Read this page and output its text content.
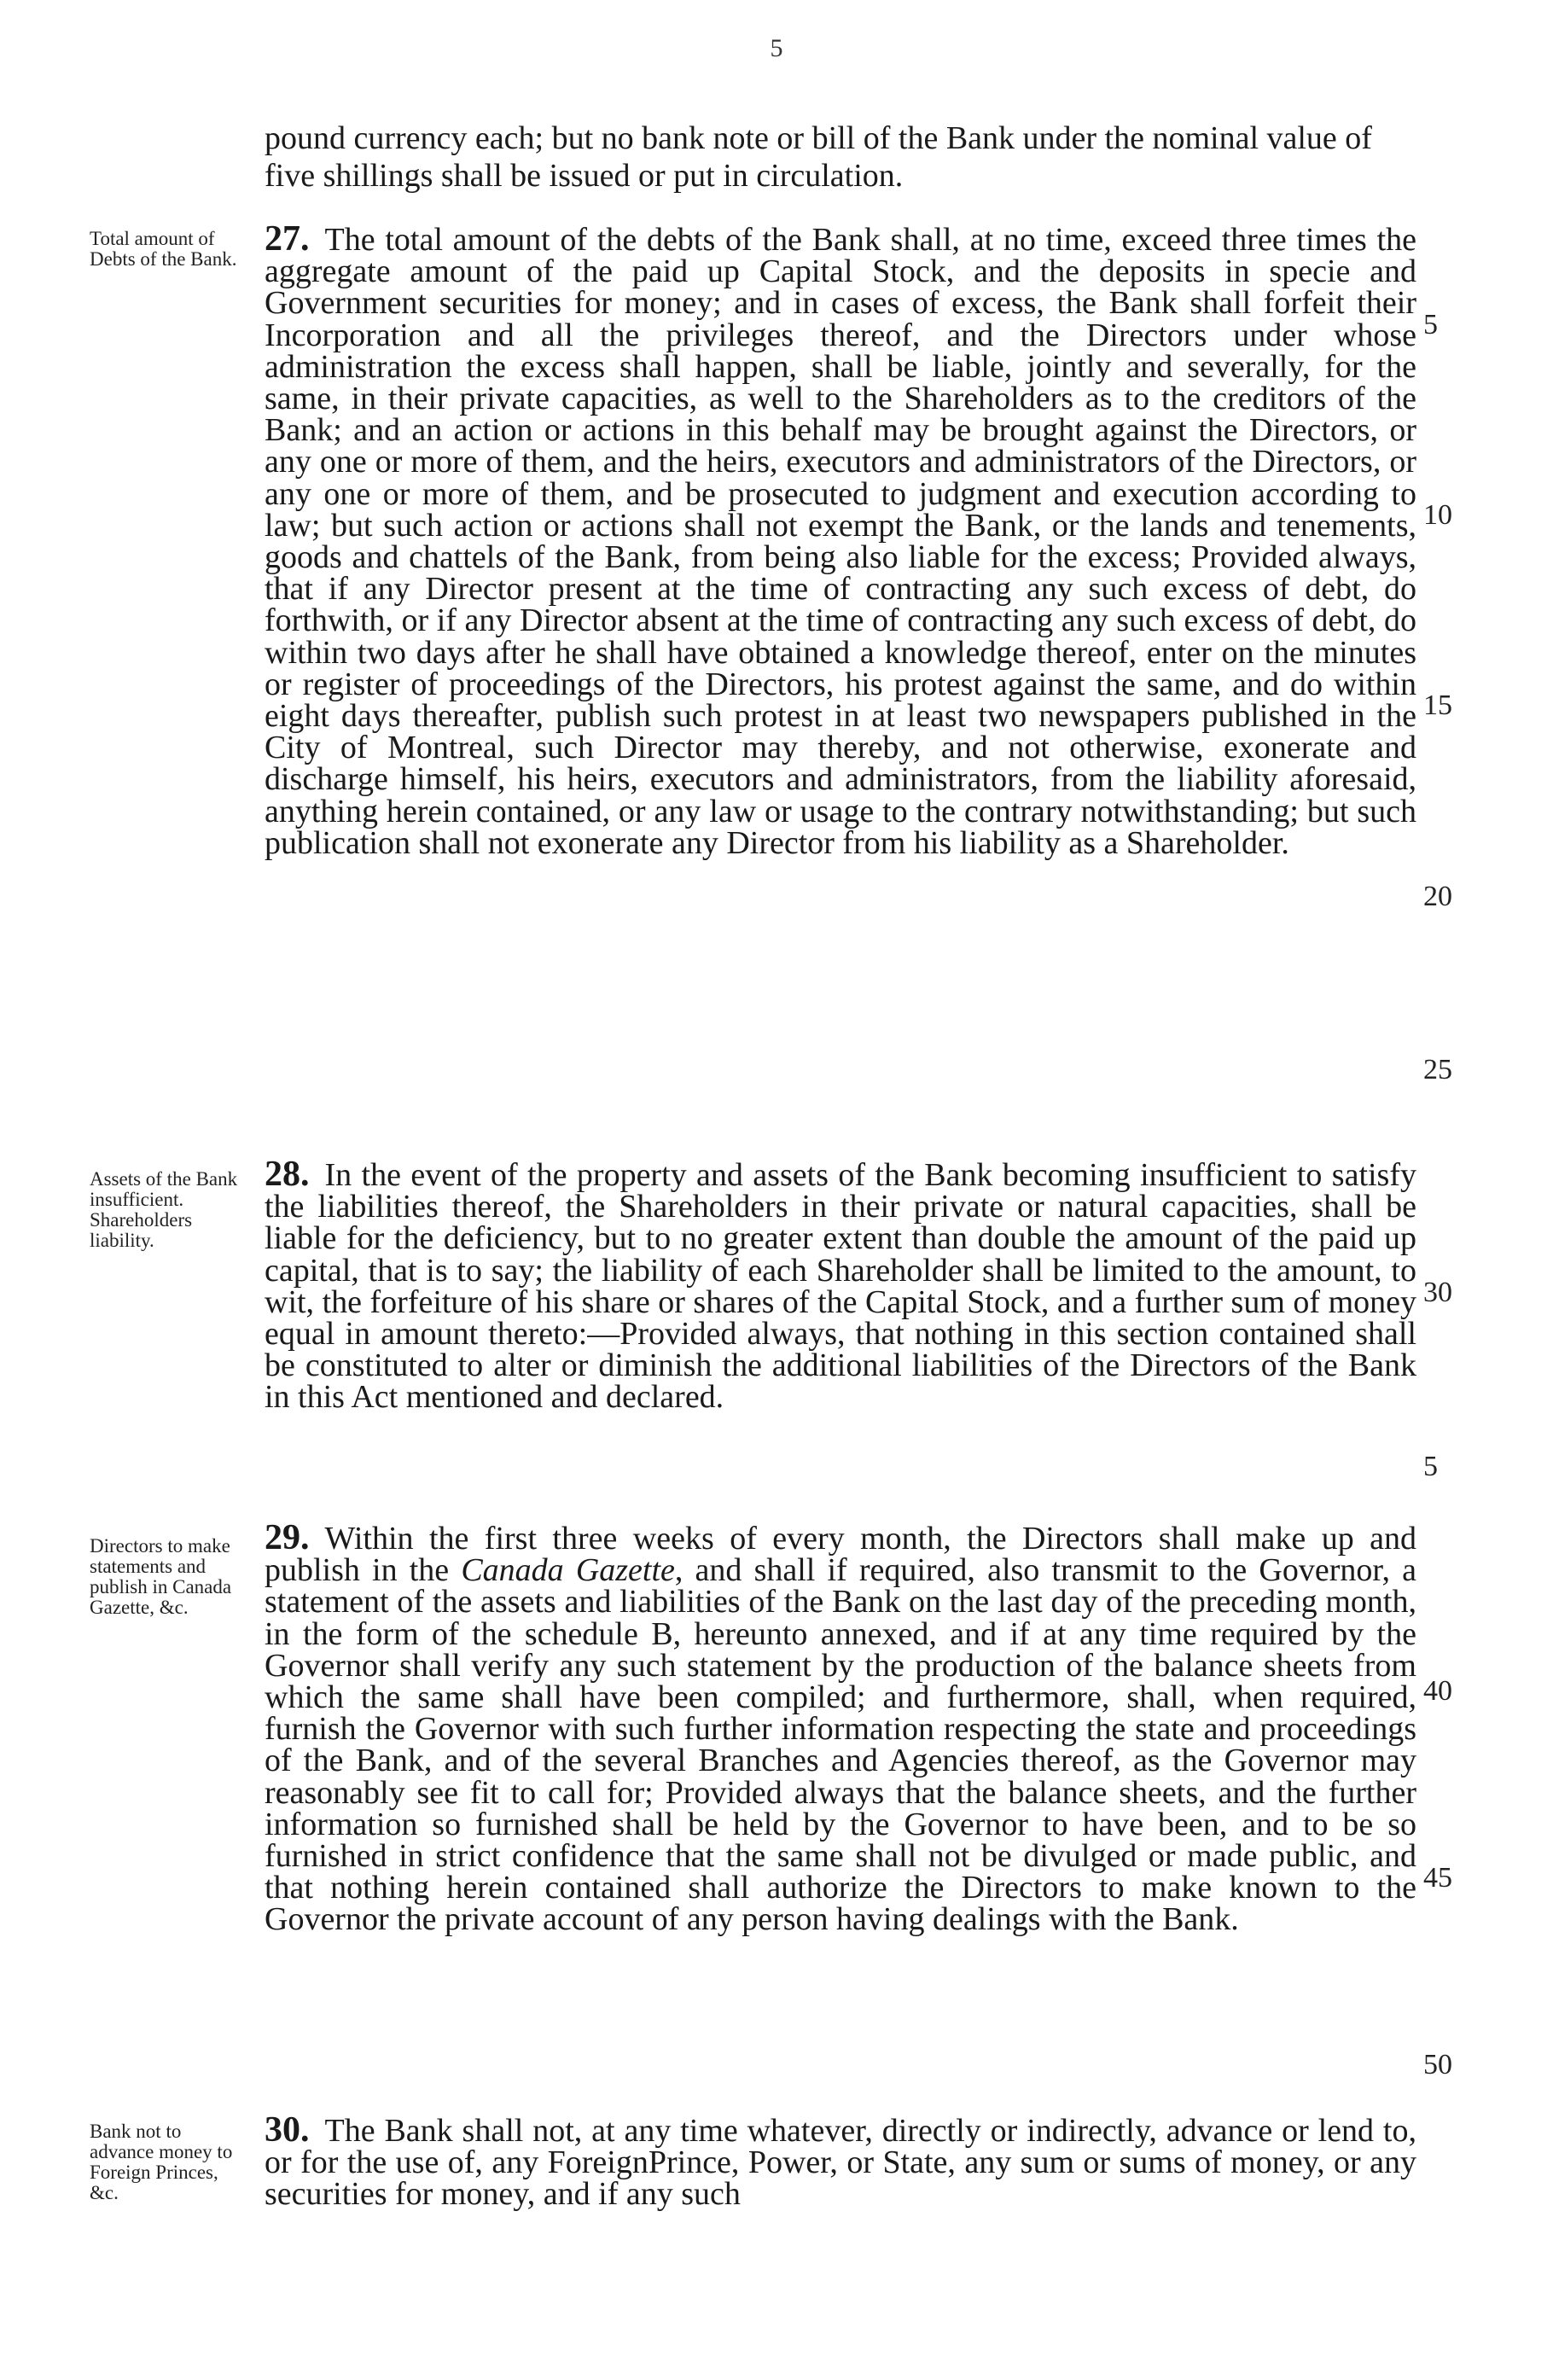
5
pound currency each; but no bank note or bill of the Bank under the nominal value of five shillings shall be issued or put in circulation.
Total amount of Debts of the Bank.
27. The total amount of the debts of the Bank shall, at no time, exceed three times the aggregate amount of the paid up Capital Stock, and the deposits in specie and Government securities for money; and in cases of excess, the Bank shall forfeit their Incorporation and all the privileges thereof, and the Directors under whose administration the excess shall happen, shall be liable, jointly and severally, for the same, in their private capacities, as well to the Shareholders as to the creditors of the Bank; and an action or actions in this behalf may be brought against the Directors, or any one or more of them, and the heirs, executors and administrators of the Directors, or any one or more of them, and be prosecuted to judgment and execution according to law; but such action or actions shall not exempt the Bank, or the lands and tenements, goods and chattels of the Bank, from being also liable for the excess; Provided always, that if any Director present at the time of contracting any such excess of debt, do forthwith, or if any Director absent at the time of contracting any such excess of debt, do within two days after he shall have obtained a knowledge thereof, enter on the minutes or register of proceedings of the Directors, his protest against the same, and do within eight days thereafter, publish such protest in at least two newspapers published in the City of Montreal, such Director may thereby, and not otherwise, exonerate and discharge himself, his heirs, executors and administrators, from the liability aforesaid, anything herein contained, or any law or usage to the contrary notwithstanding; but such publication shall not exonerate any Director from his liability as a Shareholder.
5
10
15
20
25
Assets of the Bank insufficient. Shareholders liability.
28. In the event of the property and assets of the Bank becoming insufficient to satisfy the liabilities thereof, the Shareholders in their private or natural capacities, shall be liable for the deficiency, but to no greater extent than double the amount of the paid up capital, that is to say; the liability of each Shareholder shall be limited to the amount, to wit, the forfeiture of his share or shares of the Capital Stock, and a further sum of money equal in amount thereto:—Provided always, that nothing in this section contained shall be constituted to alter or diminish the additional liabilities of the Directors of the Bank in this Act mentioned and declared.
30
5
Directors to make statements and publish in Canada Gazette, &c.
29. Within the first three weeks of every month, the Directors shall make up and publish in the Canada Gazette, and shall if required, also transmit to the Governor, a statement of the assets and liabilities of the Bank on the last day of the preceding month, in the form of the schedule B, hereunto annexed, and if at any time required by the Governor shall verify any such statement by the production of the balance sheets from which the same shall have been compiled; and furthermore, shall, when required, furnish the Governor with such further information respecting the state and proceedings of the Bank, and of the several Branches and Agencies thereof, as the Governor may reasonably see fit to call for; Provided always that the balance sheets, and the further information so furnished shall be held by the Governor to have been, and to be so furnished in strict confidence that the same shall not be divulged or made public, and that nothing herein contained shall authorize the Directors to make known to the Governor the private account of any person having dealings with the Bank.
40
45
50
Bank not to advance money to Foreign Princes, &c.
30. The Bank shall not, at any time whatever, directly or indirectly, advance or lend to, or for the use of, any ForeignPrince, Power, or State, any sum or sums of money, or any securities for money, and if any such
